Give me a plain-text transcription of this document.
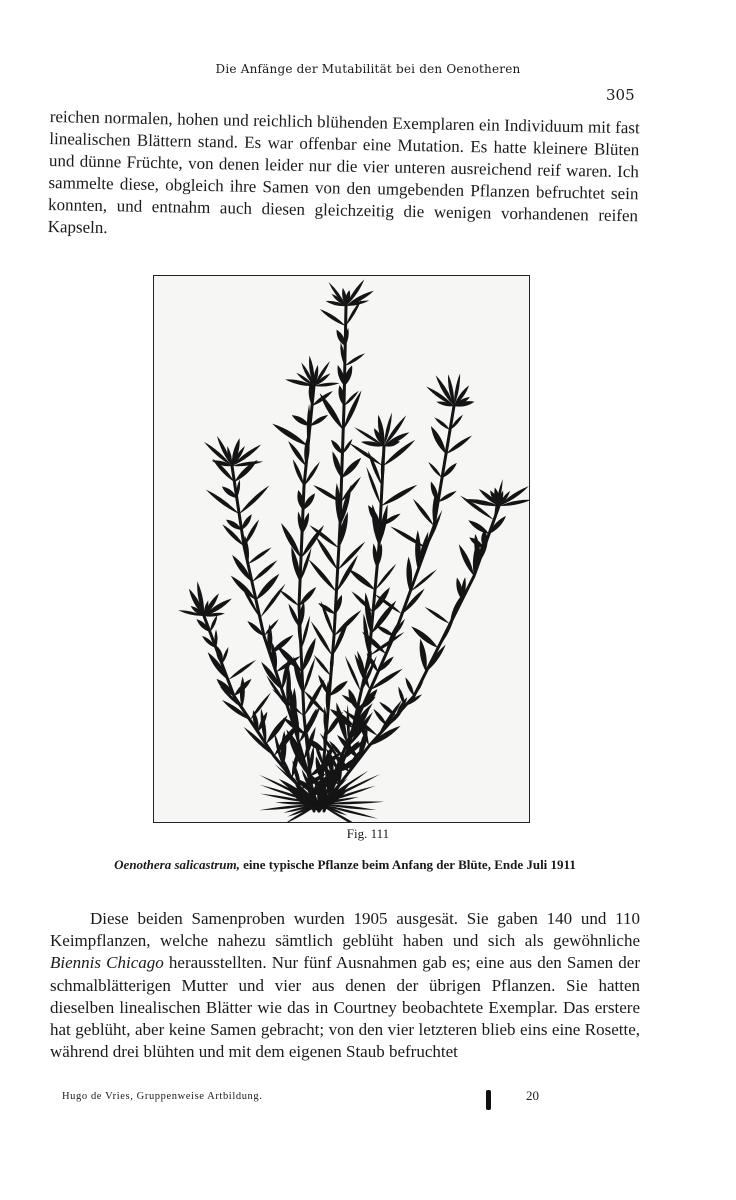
Die Anfänge der Mutabilität bei den Oenotheren
305

reichen normalen, hohen und reichlich blühenden Exemplaren ein Individuum mit fast linealischen Blättern stand. Es war offenbar eine Mutation. Es hatte kleinere Blüten und dünne Früchte, von denen leider nur die vier unteren ausreichend reif waren. Ich sammelte diese, obgleich ihre Samen von den umgebenden Pflanzen befruchtet sein konnten, und entnahm auch diesen gleichzeitig die wenigen vorhandenen reifen Kapseln.

Fig. 111
Oenothera salicastrum, eine typische Pflanze beim Anfang der Blüte, Ende Juli 1911

Diese beiden Samenproben wurden 1905 ausgesät. Sie gaben 140 und 110 Keimpflanzen, welche nahezu sämtlich geblüht haben und sich als gewöhnliche Biennis Chicago herausstellten. Nur fünf Ausnahmen gab es; eine aus den Samen der schmalblätterigen Mutter und vier aus denen der übrigen Pflanzen. Sie hatten dieselben linealischen Blätter wie das in Courtney beobachtete Exemplar. Das erstere hat geblüht, aber keine Samen gebracht; von den vier letzteren blieb eins eine Rosette, während drei blühten und mit dem eigenen Staub befruchtet

Hugo de Vries, Gruppenweise Artbildung.	20
